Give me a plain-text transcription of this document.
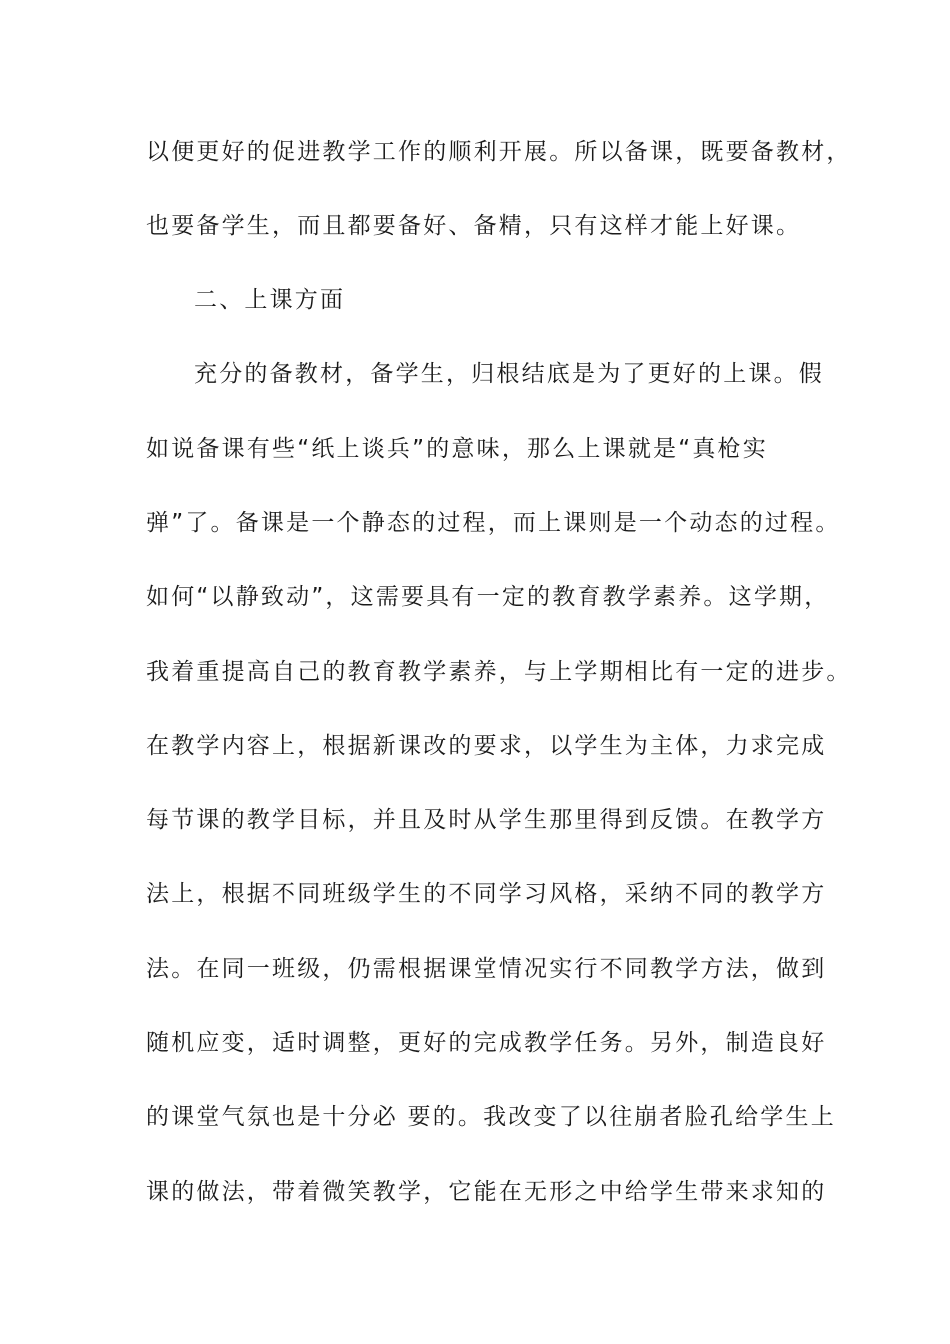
以便更好的促进教学工作的顺利开展。所以备课，既要备教材，

也要备学生，而且都要备好、备精，只有这样才能上好课。

二、上课方面

充分的备教材，备学生，归根结底是为了更好的上课。假

如说备课有些“纸上谈兵”的意味，那么上课就是“真枪实

弹”了。备课是一个静态的过程，而上课则是一个动态的过程。

如何“以静致动”，这需要具有一定的教育教学素养。这学期，

我着重提高自己的教育教学素养，与上学期相比有一定的进步。

在教学内容上，根据新课改的要求，以学生为主体，力求完成

每节课的教学目标，并且及时从学生那里得到反馈。在教学方

法上，根据不同班级学生的不同学习风格，采纳不同的教学方

法。在同一班级，仍需根据课堂情况实行不同教学方法，做到

随机应变，适时调整，更好的完成教学任务。另外，制造良好

的课堂气氛也是十分必 要的。我改变了以往崩者脸孔给学生上

课的做法，带着微笑教学，它能在无形之中给学生带来求知的
